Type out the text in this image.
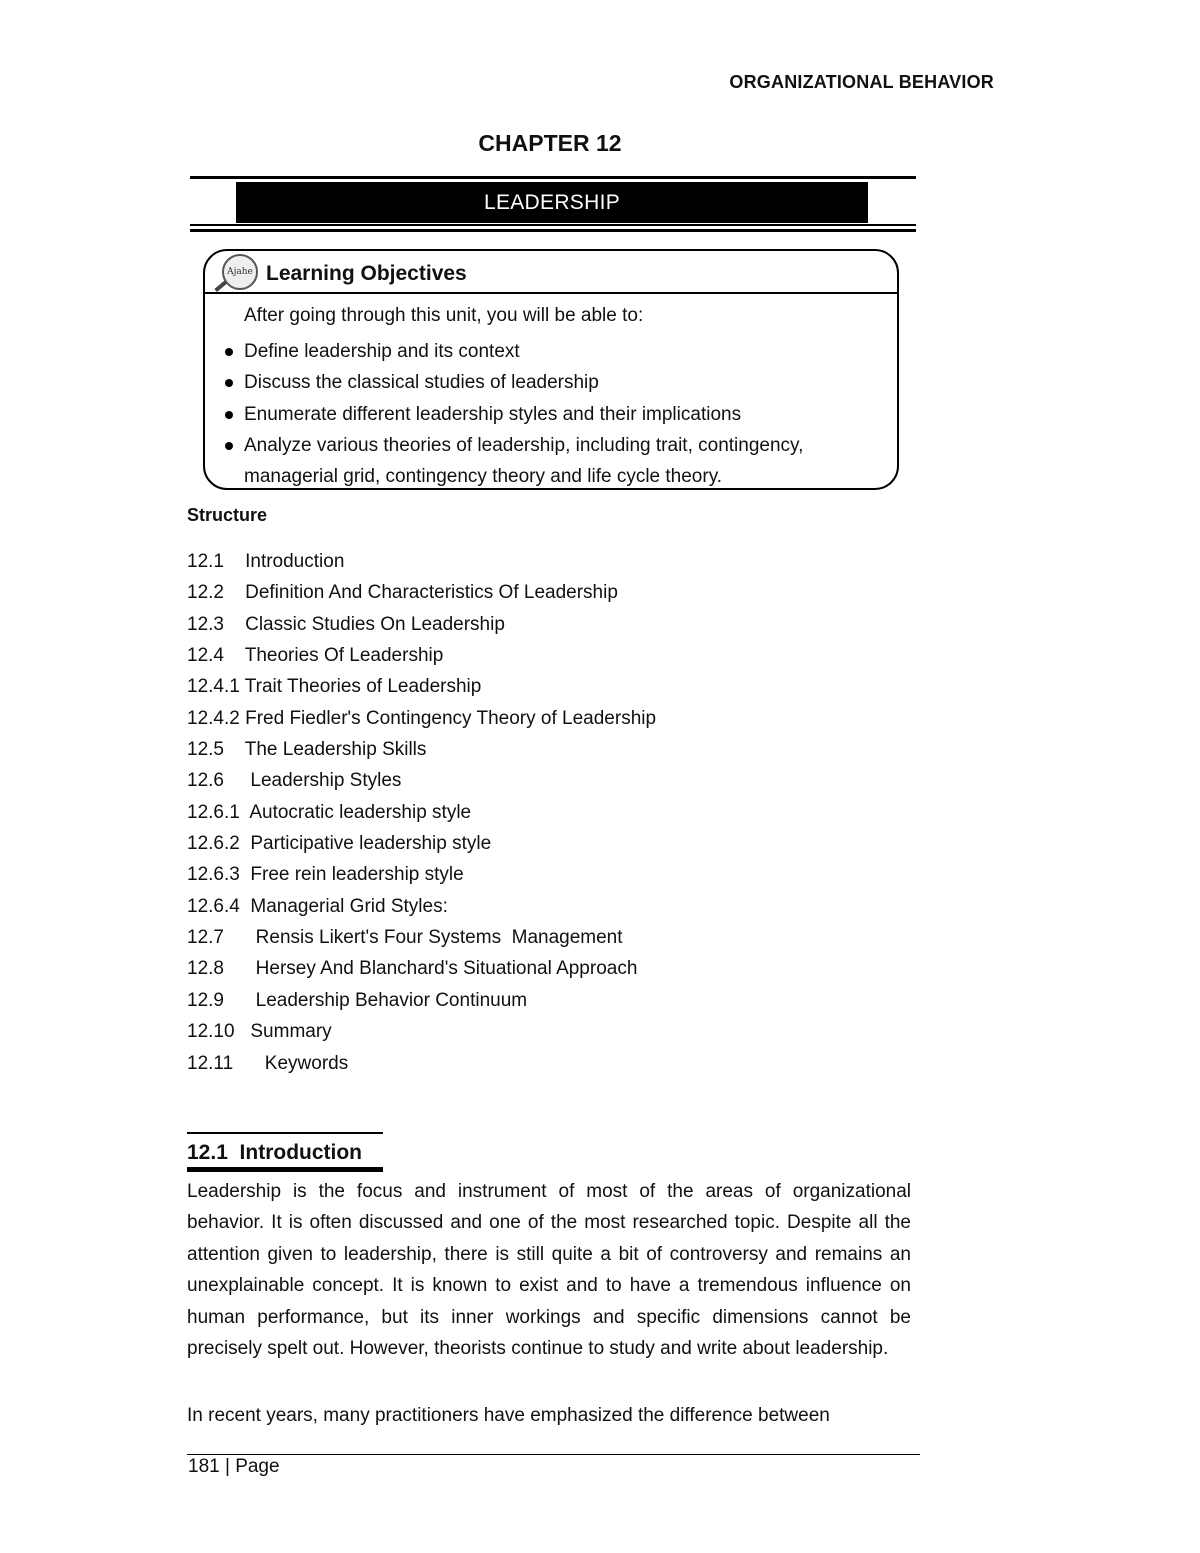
ORGANIZATIONAL BEHAVIOR
CHAPTER 12
LEADERSHIP
Ajahe Learning Objectives
After going through this unit, you will be able to:
Define leadership and its context
Discuss the classical studies of leadership
Enumerate different leadership styles and their implications
Analyze various theories of leadership, including trait, contingency,
managerial grid, contingency theory and life cycle theory.
Structure
12.1    Introduction
12.2    Definition And Characteristics Of Leadership
12.3    Classic Studies On Leadership
12.4    Theories Of Leadership
12.4.1 Trait Theories of Leadership
12.4.2 Fred Fiedler's Contingency Theory of Leadership
12.5    The Leadership Skills
12.6     Leadership Styles
12.6.1  Autocratic leadership style
12.6.2  Participative leadership style
12.6.3  Free rein leadership style
12.6.4  Managerial Grid Styles:
12.7      Rensis Likert's Four Systems  Management
12.8      Hersey And Blanchard's Situational Approach
12.9      Leadership Behavior Continuum
12.10   Summary
12.11      Keywords
12.1  Introduction

Leadership is the focus and instrument of most of the areas of organizational behavior. It is often discussed and one of the most researched topic. Despite all the attention given to leadership, there is still quite a bit of controversy and remains an unexplainable concept. It is known to exist and to have a tremendous influence on human performance, but its inner workings and specific dimensions cannot be precisely spelt out. However, theorists continue to study and write about leadership.

In recent years, many practitioners have emphasized the difference between
181 | Page
